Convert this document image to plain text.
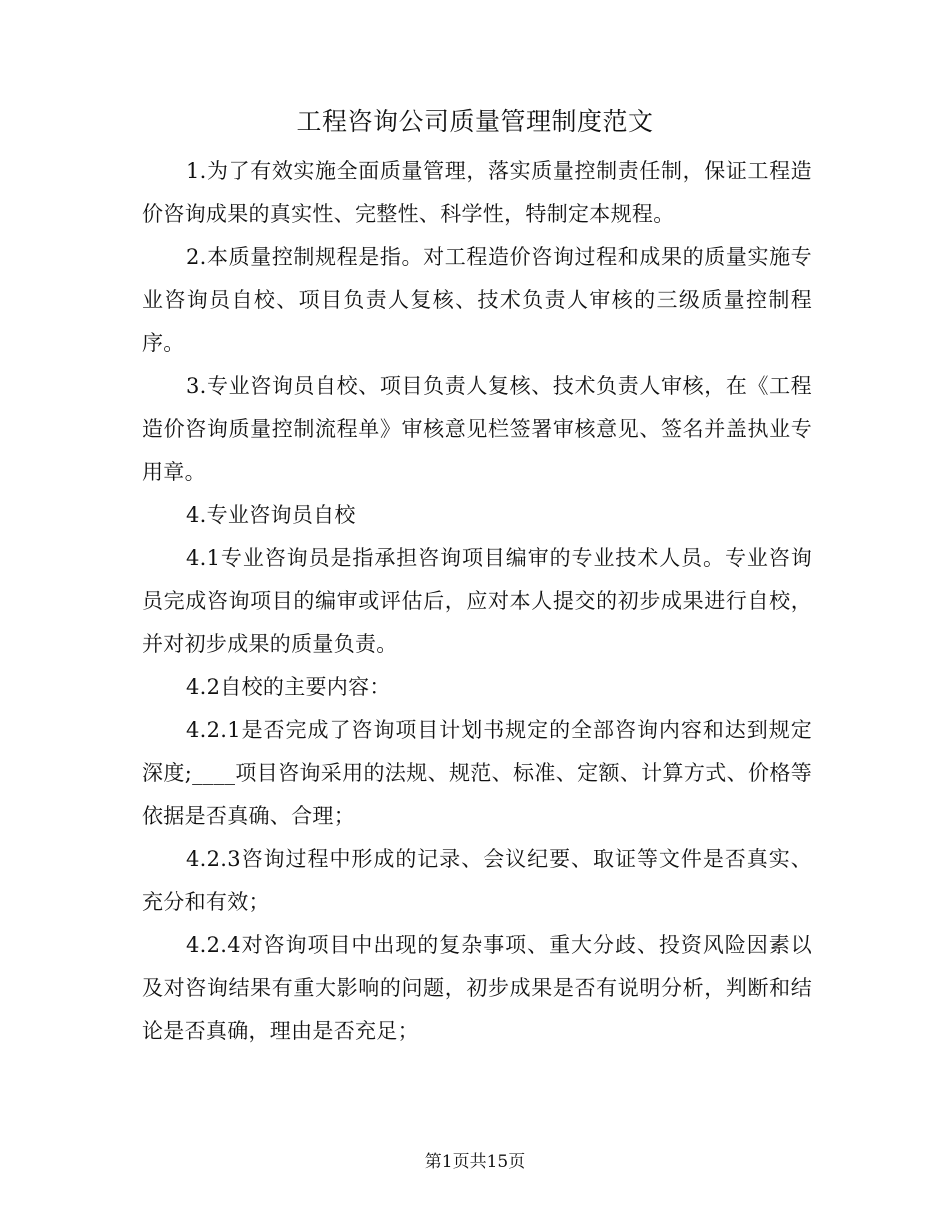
工程咨询公司质量管理制度范文

1.为了有效实施全面质量管理，落实质量控制责任制，保证工程造价咨询成果的真实性、完整性、科学性，特制定本规程。

2.本质量控制规程是指。对工程造价咨询过程和成果的质量实施专业咨询员自校、项目负责人复核、技术负责人审核的三级质量控制程序。

3.专业咨询员自校、项目负责人复核、技术负责人审核，在《工程造价咨询质量控制流程单》审核意见栏签署审核意见、签名并盖执业专用章。

4.专业咨询员自校

4.1专业咨询员是指承担咨询项目编审的专业技术人员。专业咨询员完成咨询项目的编审或评估后，应对本人提交的初步成果进行自校，并对初步成果的质量负责。

4.2自校的主要内容：

4.2.1是否完成了咨询项目计划书规定的全部咨询内容和达到规定深度;____项目咨询采用的法规、规范、标准、定额、计算方式、价格等依据是否真确、合理；

4.2.3咨询过程中形成的记录、会议纪要、取证等文件是否真实、充分和有效；

4.2.4对咨询项目中出现的复杂事项、重大分歧、投资风险因素以及对咨询结果有重大影响的问题，初步成果是否有说明分析，判断和结论是否真确，理由是否充足；

第1页共15页
